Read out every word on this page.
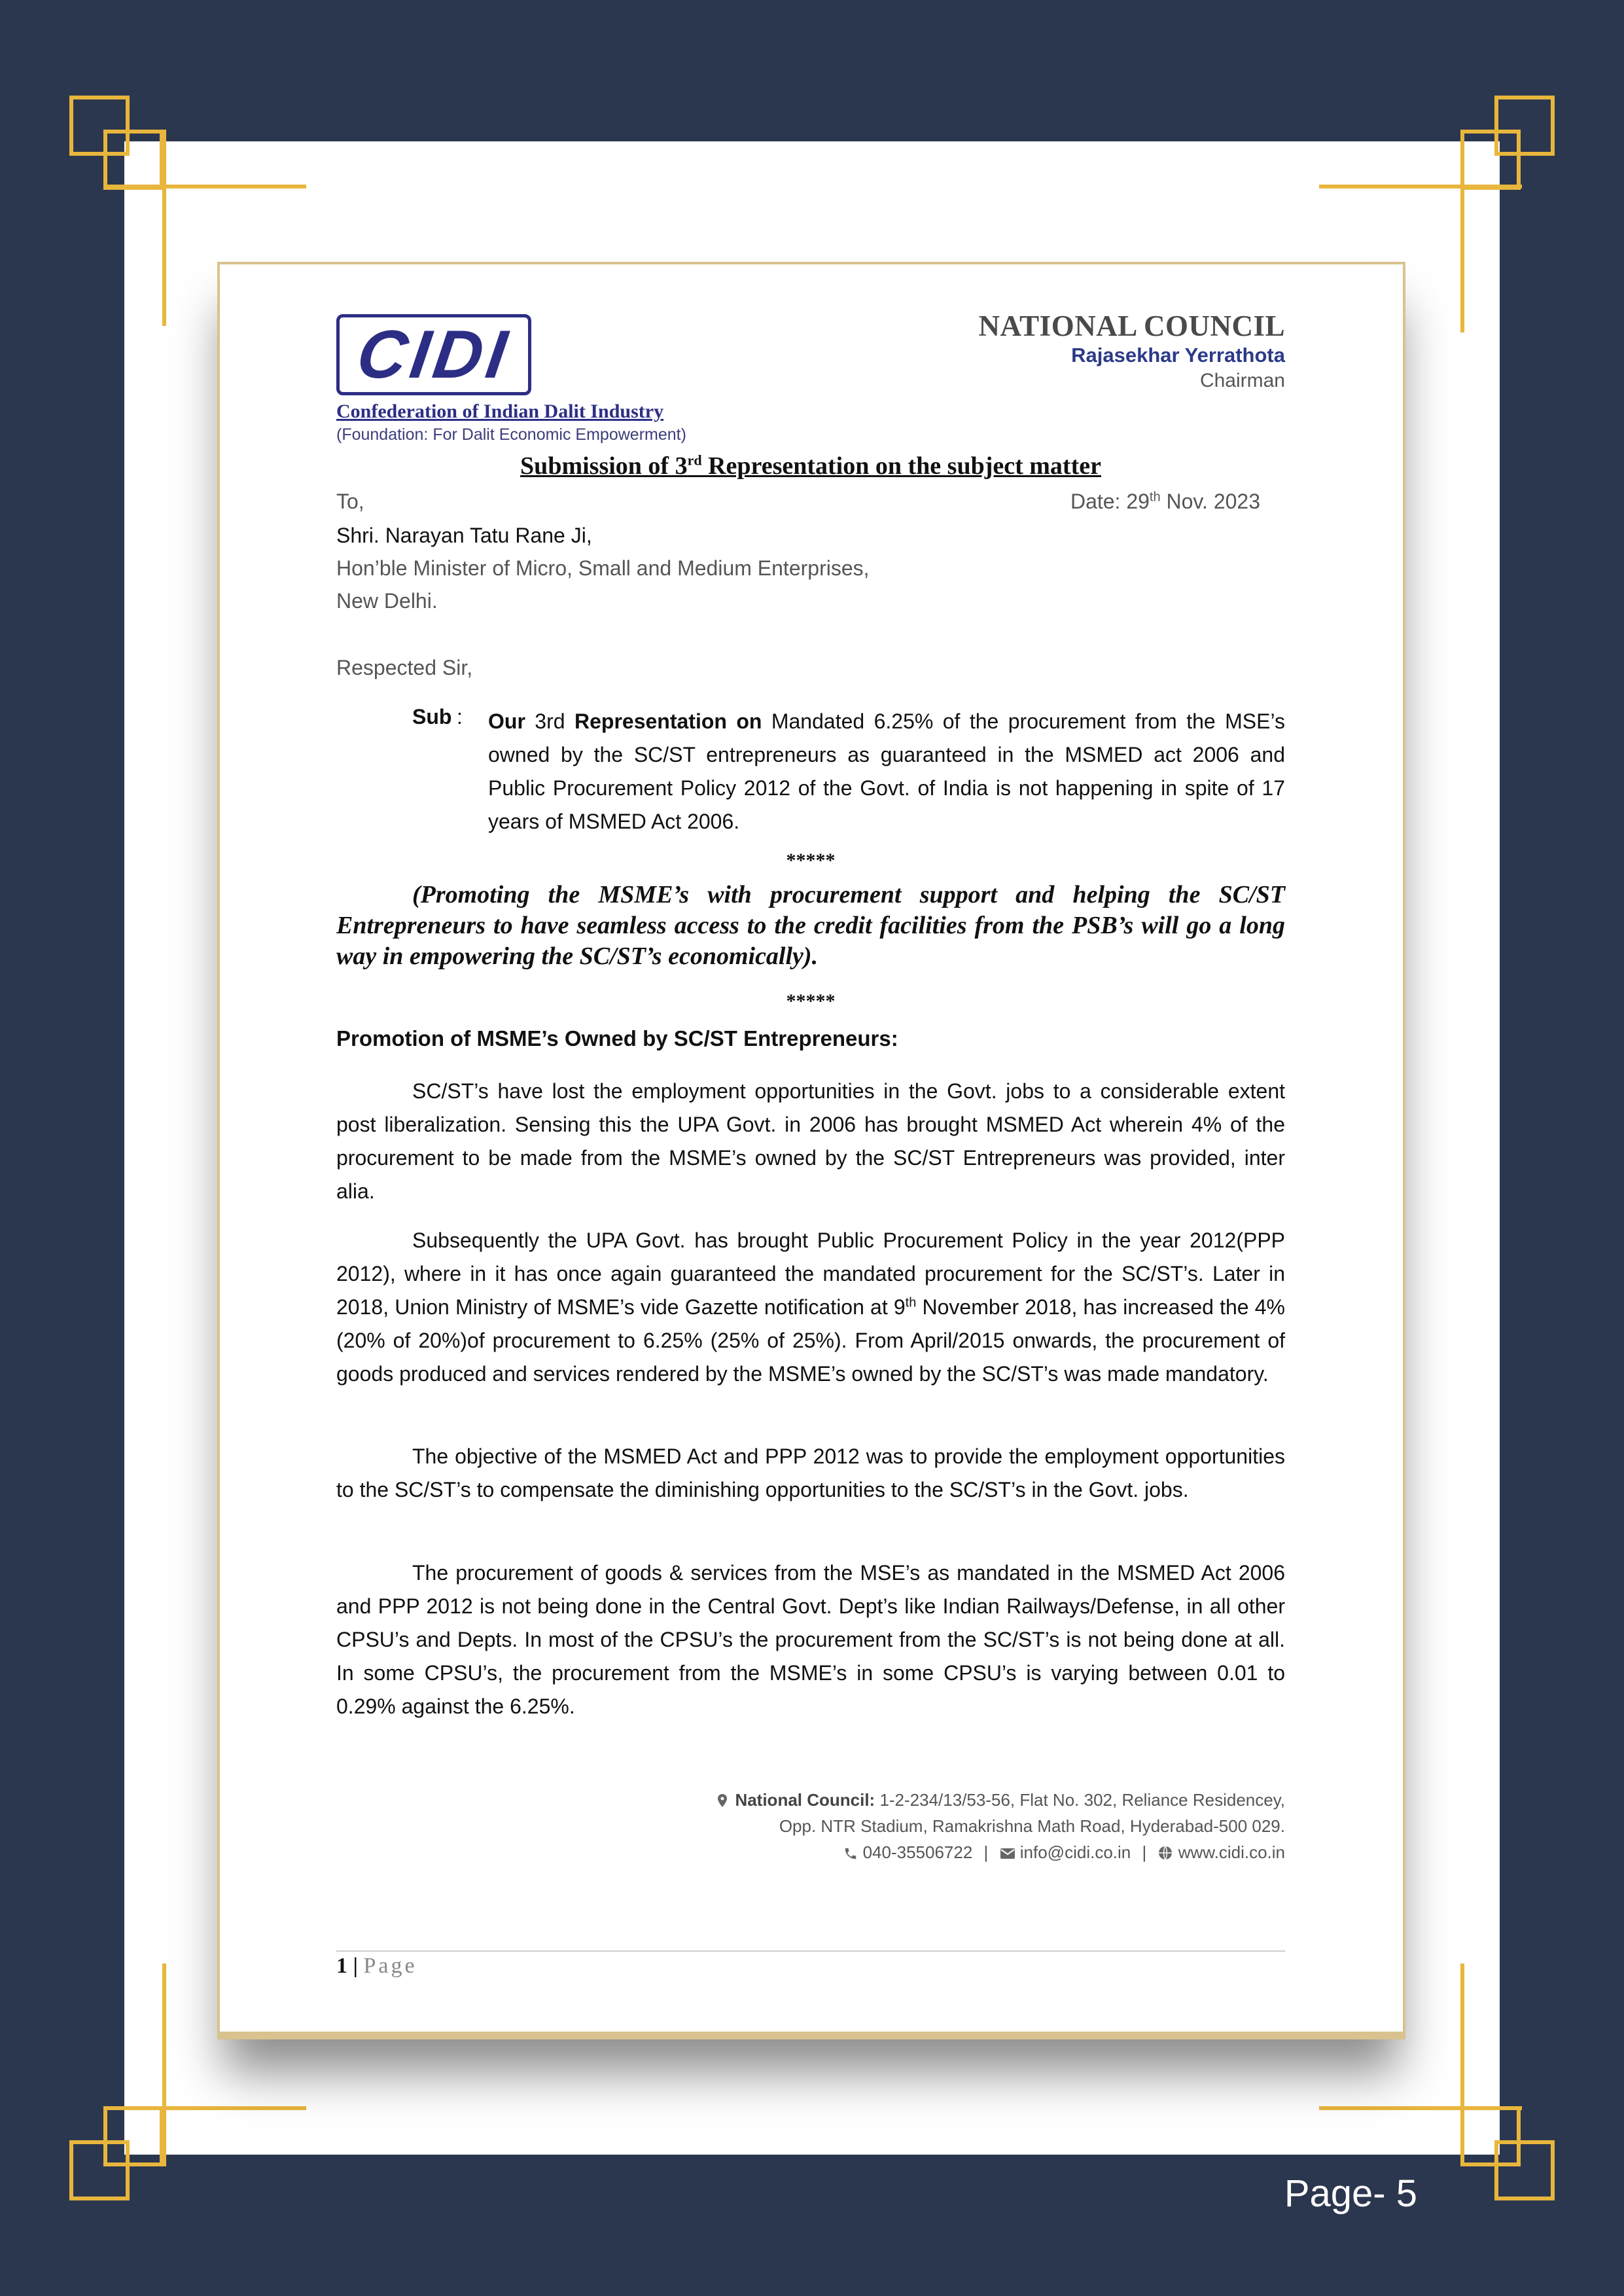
CIDI
Confederation of Indian Dalit Industry
(Foundation: For Dalit Economic Empowerment)
NATIONAL COUNCIL
Rajasekhar Yerrathota
Chairman
Submission of 3rd Representation on the subject matter
To,	Date: 29th Nov. 2023
Shri. Narayan Tatu Rane Ji,
Hon’ble Minister of Micro, Small and Medium Enterprises,
New Delhi.
Respected Sir,
Sub : Our 3rd Representation on Mandated 6.25% of the procurement from the MSE’s owned by the SC/ST entrepreneurs as guaranteed in the MSMED act 2006 and Public Procurement Policy 2012 of the Govt. of India is not happening in spite of 17 years of MSMED Act 2006.
*****
(Promoting the MSME’s with procurement support and helping the SC/ST Entrepreneurs to have seamless access to the credit facilities from the PSB’s will go a long way in empowering the SC/ST’s economically).
*****
Promotion of MSME’s Owned by SC/ST Entrepreneurs:

SC/ST’s have lost the employment opportunities in the Govt. jobs to a considerable extent post liberalization. Sensing this the UPA Govt. in 2006 has brought MSMED Act wherein 4% of the procurement to be made from the MSME’s owned by the SC/ST Entrepreneurs was provided, inter alia.

Subsequently the UPA Govt. has brought Public Procurement Policy in the year 2012(PPP 2012), where in it has once again guaranteed the mandated procurement for the SC/ST’s. Later in 2018, Union Ministry of MSME’s vide Gazette notification at 9th November 2018, has increased the 4% (20% of 20%)of procurement to 6.25% (25% of 25%). From April/2015 onwards, the procurement of goods produced and services rendered by the MSME’s owned by the SC/ST’s was made mandatory.

The objective of the MSMED Act and PPP 2012 was to provide the employment opportunities to the SC/ST’s to compensate the diminishing opportunities to the SC/ST’s in the Govt. jobs.

The procurement of goods & services from the MSE’s as mandated in the MSMED Act 2006 and PPP 2012 is not being done in the Central Govt. Dept’s like Indian Railways/Defense, in all other CPSU’s and Depts. In most of the CPSU’s the procurement from the SC/ST’s is not being done at all. In some CPSU’s, the procurement from the MSME’s in some CPSU’s is varying between 0.01 to 0.29% against the 6.25%.

National Council: 1-2-234/13/53-56, Flat No. 302, Reliance Residencey,
Opp. NTR Stadium, Ramakrishna Math Road, Hyderabad-500 029.
040-35506722 | info@cidi.co.in | www.cidi.co.in
1 | Page
Page- 5
